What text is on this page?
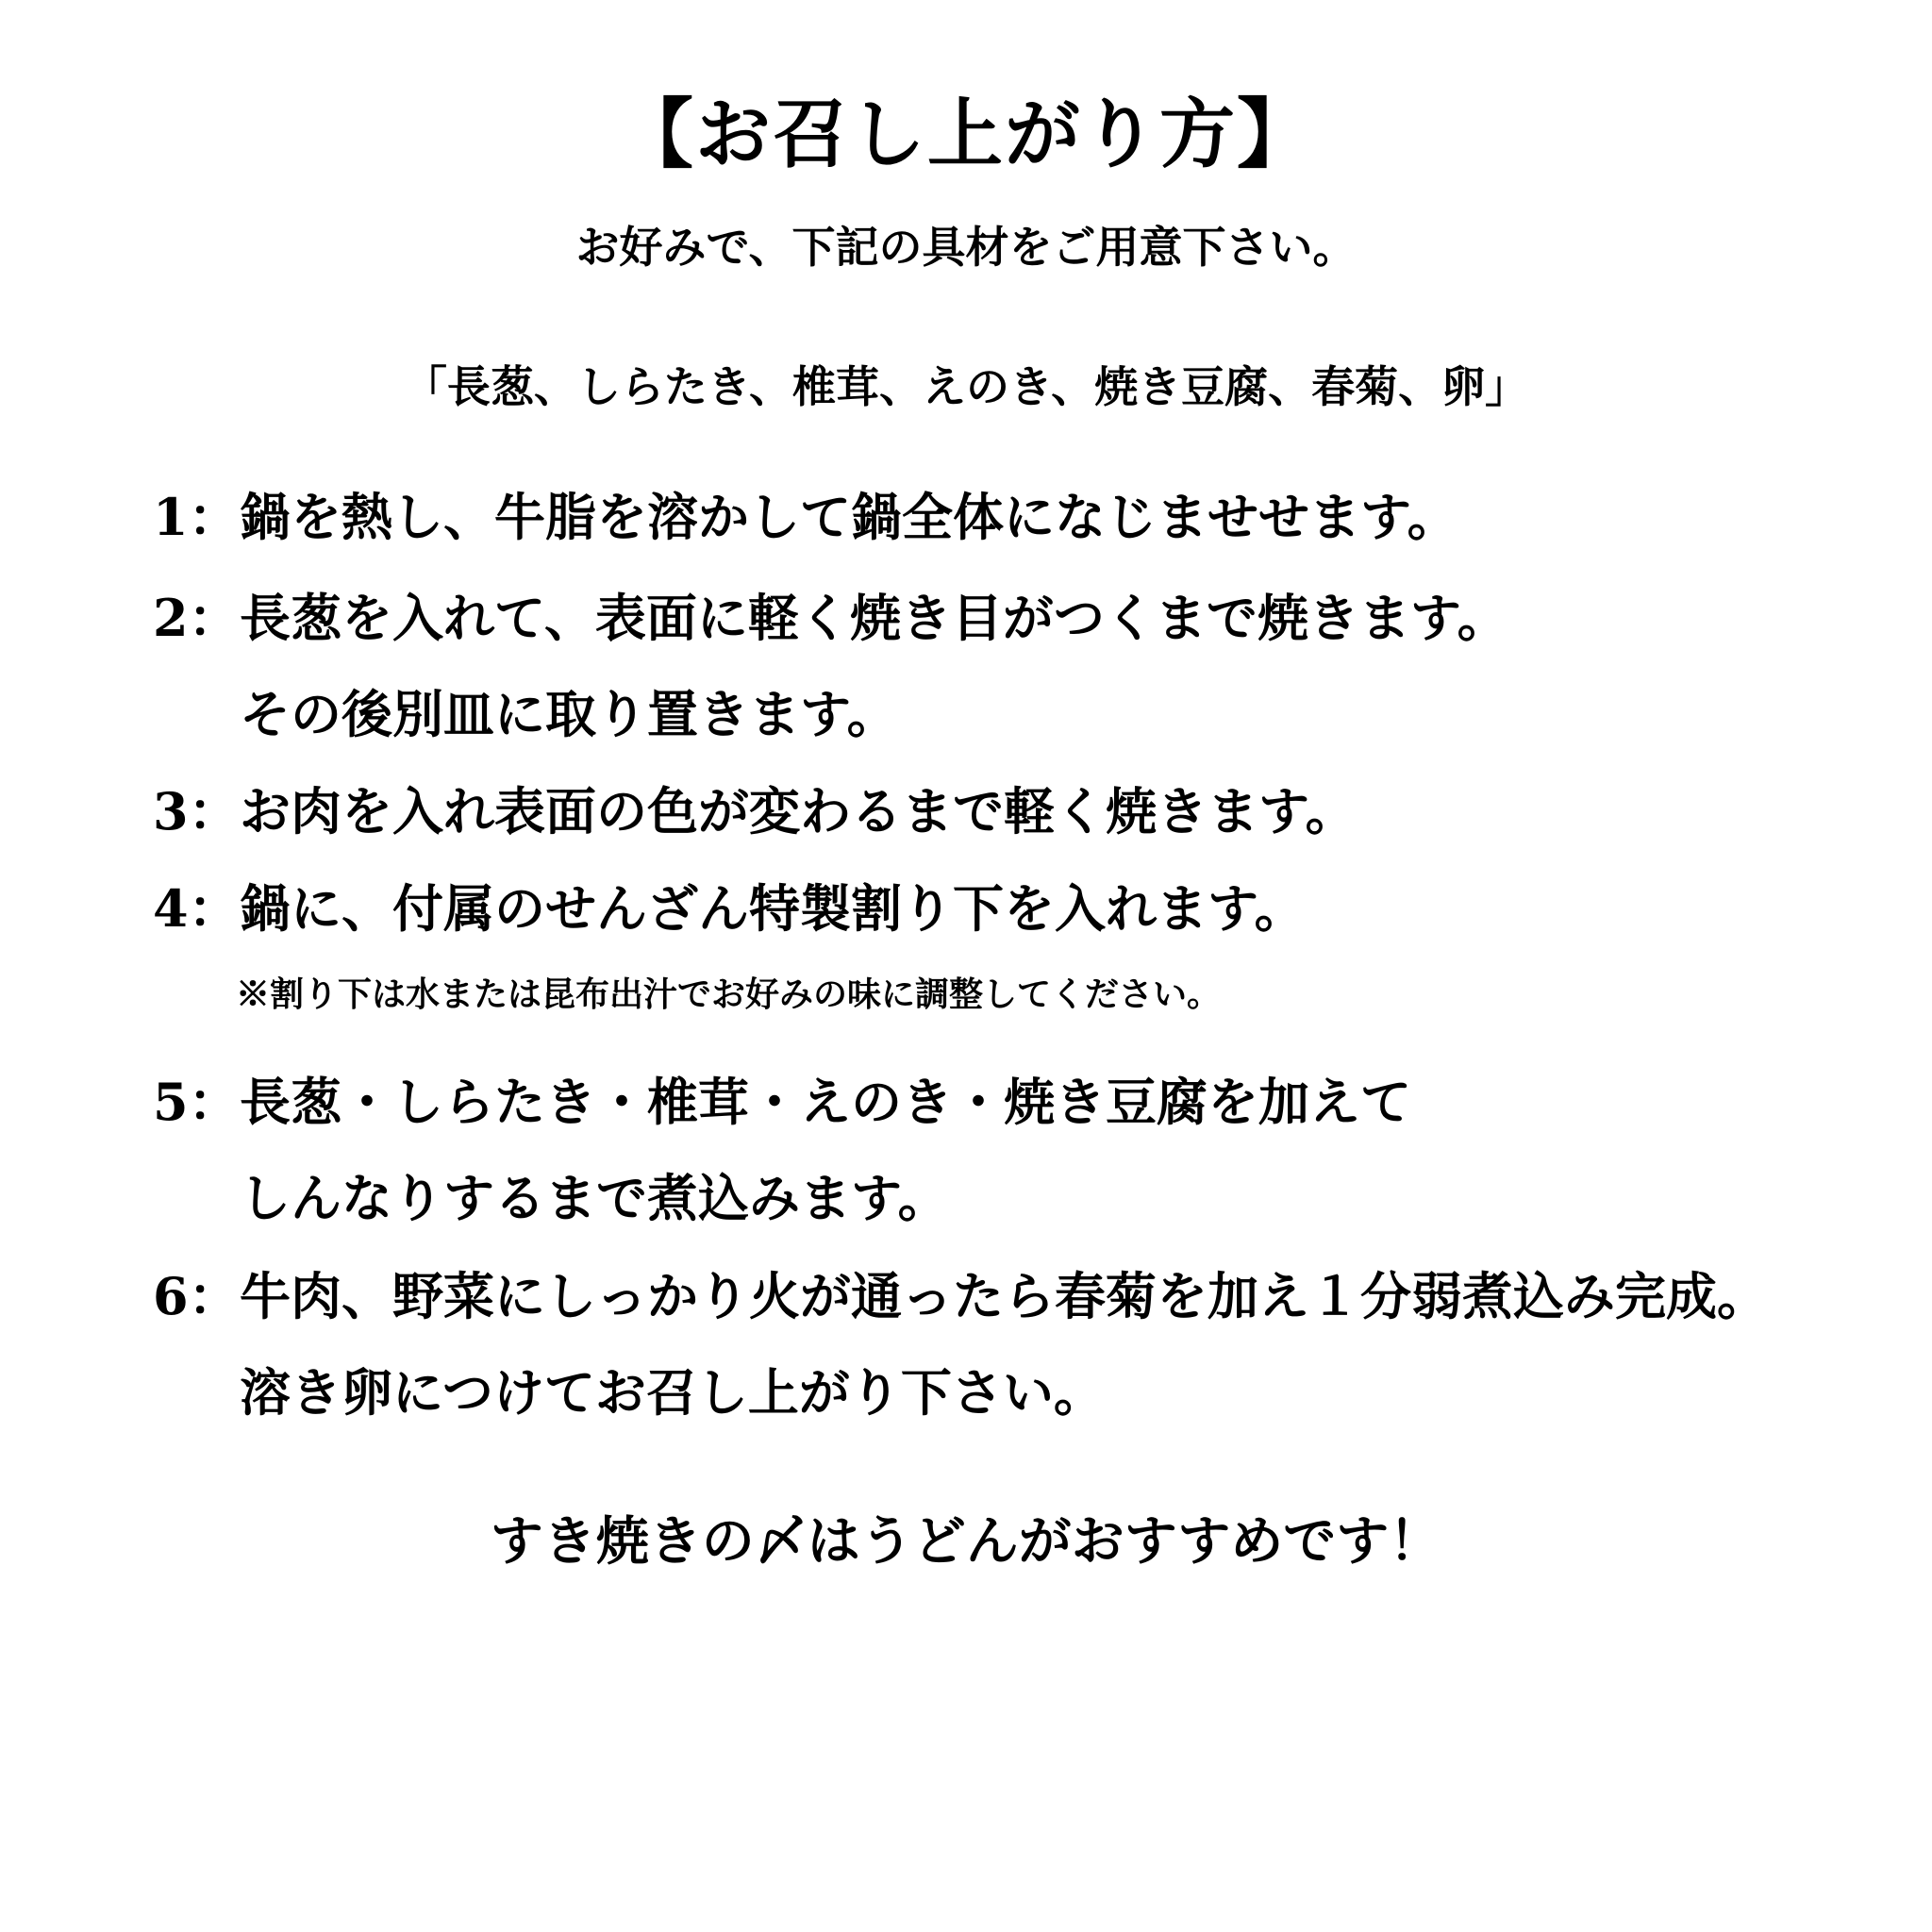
【お召し上がり方】
お好みで、下記の具材をご用意下さい。
「長葱、しらたき、椎茸、えのき、焼き豆腐、春菊、卵」
1：鍋を熱し、牛脂を溶かして鍋全体になじませせます。
2：長葱を入れて、表面に軽く焼き目がつくまで焼きます。
その後別皿に取り置きます。
3：お肉を入れ表面の色が変わるまで軽く焼きます。
4：鍋に、付属のせんざん特製割り下を入れます。
※割り下は水または昆布出汁でお好みの味に調整してください。
5：長葱・しらたき・椎茸・えのき・焼き豆腐を加えて
しんなりするまで煮込みます。
6：牛肉、野菜にしっかり火が通ったら春菊を加え１分弱煮込み完成。
溶き卵につけてお召し上がり下さい。
すき焼きの〆はうどんがおすすめです！
